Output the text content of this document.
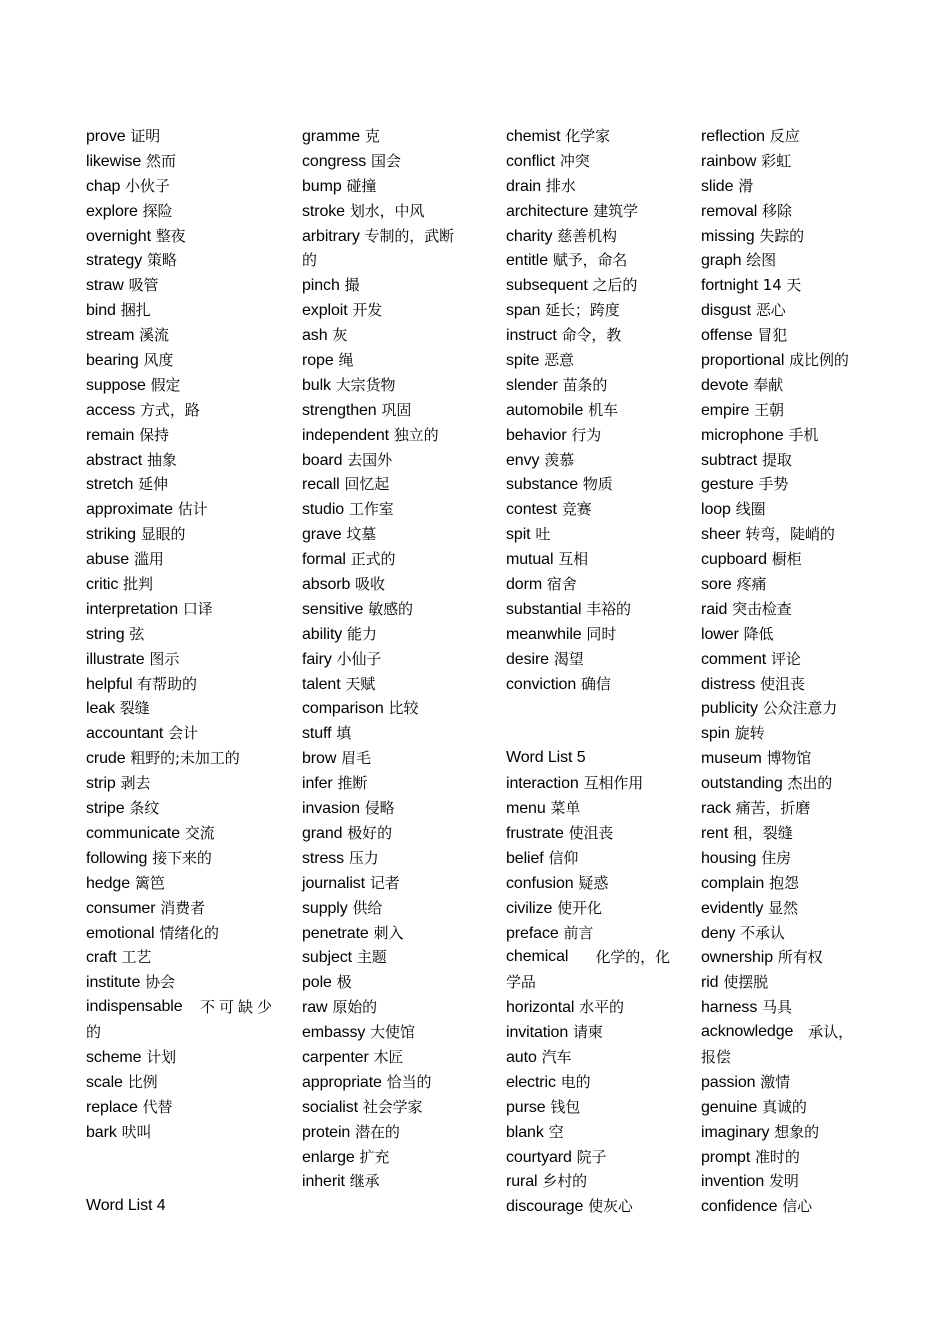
prove 证明
likewise 然而
chap 小伙子
explore 探险
overnight 整夜
strategy 策略
straw 吸管
bind 捆扎
stream 溪流
bearing 风度
suppose 假定
access 方式，路
remain 保持
abstract 抽象
stretch 延伸
approximate 估计
striking 显眼的
abuse 滥用
critic 批判
interpretation 口译
string 弦
illustrate 图示
helpful 有帮助的
leak 裂缝
accountant 会计
crude 粗野的;未加工的
strip 剥去
stripe 条纹
communicate 交流
following 接下来的
hedge 篱笆
consumer 消费者
emotional 情绪化的
craft 工艺
institute 协会
indispensable 不可缺少
的
scheme 计划
scale 比例
replace 代替
bark 吠叫
Word List 4
gramme 克
congress 国会
bump 碰撞
stroke 划水，中风
arbitrary 专制的，武断
的
pinch 撮
exploit 开发
ash 灰
rope 绳
bulk 大宗货物
strengthen 巩固
independent 独立的
board 去国外
recall 回忆起
studio 工作室
grave 坟墓
formal 正式的
absorb 吸收
sensitive 敏感的
ability 能力
fairy 小仙子
talent 天赋
comparison 比较
stuff 填
brow 眉毛
infer 推断
invasion 侵略
grand 极好的
stress 压力
journalist 记者
supply 供给
penetrate 刺入
subject 主题
pole 极
raw 原始的
embassy 大使馆
carpenter 木匠
appropriate 恰当的
socialist 社会学家
protein 潜在的
enlarge 扩充
inherit 继承
chemist 化学家
conflict 冲突
drain 排水
architecture 建筑学
charity 慈善机构
entitle 赋予，命名
subsequent 之后的
span 延长；跨度
instruct 命令，教
spite 恶意
slender 苗条的
automobile 机车
behavior 行为
envy 羡慕
substance 物质
contest 竞赛
spit 吐
mutual 互相
dorm 宿舍
substantial 丰裕的
meanwhile 同时
desire 渴望
conviction 确信
Word List 5
interaction 互相作用
menu 菜单
frustrate 使沮丧
belief 信仰
confusion 疑惑
civilize 使开化
preface 前言
chemical 化学的，化
学品
horizontal 水平的
invitation 请柬
auto 汽车
electric 电的
purse 钱包
blank 空
courtyard 院子
rural 乡村的
discourage 使灰心
reflection 反应
rainbow 彩虹
slide 滑
removal 移除
missing 失踪的
graph 绘图
fortnight 14 天
disgust 恶心
offense 冒犯
proportional 成比例的
devote 奉献
empire 王朝
microphone 手机
subtract 提取
gesture 手势
loop 线圈
sheer 转弯，陡峭的
cupboard 橱柜
sore 疼痛
raid 突击检查
lower 降低
comment 评论
distress 使沮丧
publicity 公众注意力
spin 旋转
museum 博物馆
outstanding 杰出的
rack 痛苦，折磨
rent 租，裂缝
housing 住房
complain 抱怨
evidently 显然
deny 不承认
ownership 所有权
rid 使摆脱
harness 马具
acknowledge 承认，
报偿
passion 激情
genuine 真诚的
imaginary 想象的
prompt 准时的
invention 发明
confidence 信心
